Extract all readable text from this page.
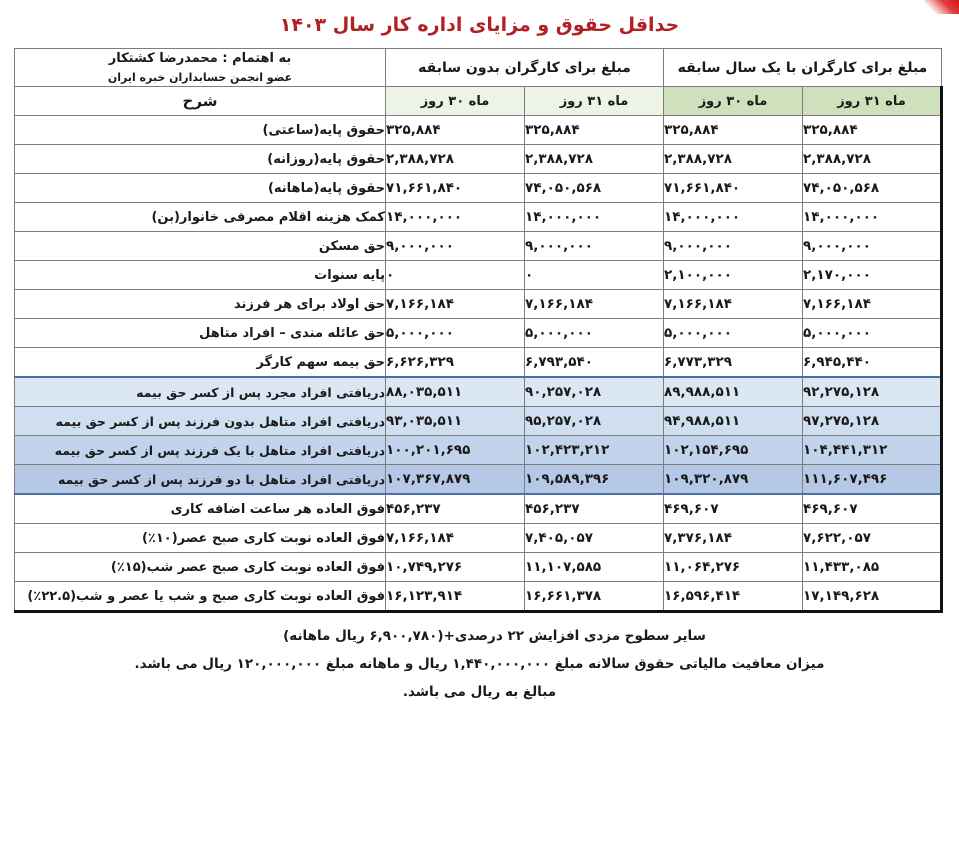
حداقل حقوق و مزایای اداره کار سال ۱۴۰۳
مبلغ برای کارگران با یک سال سابقه		مبلغ برای کارگران بدون سابقه		به اهتمام : محمدرضا کشتکار
عضو انجمن حسابداران خبره ایران

ماه ۳۱ روز	ماه ۳۰ روز	ماه ۳۱ روز	ماه ۳۰ روز	شرح
۳۲۵,۸۸۴	۳۲۵,۸۸۴	۳۲۵,۸۸۴	۳۲۵,۸۸۴	حقوق پایه(ساعتی)
۲,۳۸۸,۷۲۸	۲,۳۸۸,۷۲۸	۲,۳۸۸,۷۲۸	۲,۳۸۸,۷۲۸	حقوق پایه(روزانه)
۷۴,۰۵۰,۵۶۸	۷۱,۶۶۱,۸۴۰	۷۴,۰۵۰,۵۶۸	۷۱,۶۶۱,۸۴۰	حقوق پایه(ماهانه)
۱۴,۰۰۰,۰۰۰	۱۴,۰۰۰,۰۰۰	۱۴,۰۰۰,۰۰۰	۱۴,۰۰۰,۰۰۰	کمک هزینه اقلام مصرفی خانوار(بن)
۹,۰۰۰,۰۰۰	۹,۰۰۰,۰۰۰	۹,۰۰۰,۰۰۰	۹,۰۰۰,۰۰۰	حق مسکن
۲,۱۷۰,۰۰۰	۲,۱۰۰,۰۰۰	۰	۰	پایه سنوات
۷,۱۶۶,۱۸۴	۷,۱۶۶,۱۸۴	۷,۱۶۶,۱۸۴	۷,۱۶۶,۱۸۴	حق اولاد برای هر فرزند
۵,۰۰۰,۰۰۰	۵,۰۰۰,۰۰۰	۵,۰۰۰,۰۰۰	۵,۰۰۰,۰۰۰	حق عائله مندی – افراد متاهل
۶,۹۴۵,۴۴۰	۶,۷۷۳,۳۲۹	۶,۷۹۳,۵۴۰	۶,۶۲۶,۳۲۹	حق بیمه سهم کارگر
۹۲,۲۷۵,۱۲۸	۸۹,۹۸۸,۵۱۱	۹۰,۲۵۷,۰۲۸	۸۸,۰۳۵,۵۱۱	دریافتی افراد مجرد پس از کسر حق بیمه
۹۷,۲۷۵,۱۲۸	۹۴,۹۸۸,۵۱۱	۹۵,۲۵۷,۰۲۸	۹۳,۰۳۵,۵۱۱	دریافتی افراد متاهل بدون فرزند پس از کسر حق بیمه
۱۰۴,۴۴۱,۳۱۲	۱۰۲,۱۵۴,۶۹۵	۱۰۲,۴۲۳,۲۱۲	۱۰۰,۲۰۱,۶۹۵	دریافتی افراد متاهل با یک فرزند پس از کسر حق بیمه
۱۱۱,۶۰۷,۴۹۶	۱۰۹,۳۲۰,۸۷۹	۱۰۹,۵۸۹,۳۹۶	۱۰۷,۳۶۷,۸۷۹	دریافتی افراد متاهل با دو فرزند پس از کسر حق بیمه
۴۶۹,۶۰۷	۴۶۹,۶۰۷	۴۵۶,۲۳۷	۴۵۶,۲۳۷	فوق العاده هر ساعت اضافه کاری
۷,۶۲۲,۰۵۷	۷,۳۷۶,۱۸۴	۷,۴۰۵,۰۵۷	۷,۱۶۶,۱۸۴	فوق العاده نوبت کاری صبح عصر(۱۰٪)
۱۱,۴۳۳,۰۸۵	۱۱,۰۶۴,۲۷۶	۱۱,۱۰۷,۵۸۵	۱۰,۷۴۹,۲۷۶	فوق العاده نوبت کاری صبح عصر شب(۱۵٪)
۱۷,۱۴۹,۶۲۸	۱۶,۵۹۶,۴۱۴	۱۶,۶۶۱,۳۷۸	۱۶,۱۲۳,۹۱۴	فوق العاده نوبت کاری صبح و شب یا عصر و شب(۲۲.۵٪)
سایر سطوح مزدی افزایش ۲۲ درصدی+(۶,۹۰۰,۷۸۰ ریال ماهانه)
میزان معافیت مالیاتی حقوق سالانه مبلغ ۱,۴۴۰,۰۰۰,۰۰۰ ریال و ماهانه مبلغ ۱۲۰,۰۰۰,۰۰۰ ریال می باشد.
مبالغ به ریال می باشد.
